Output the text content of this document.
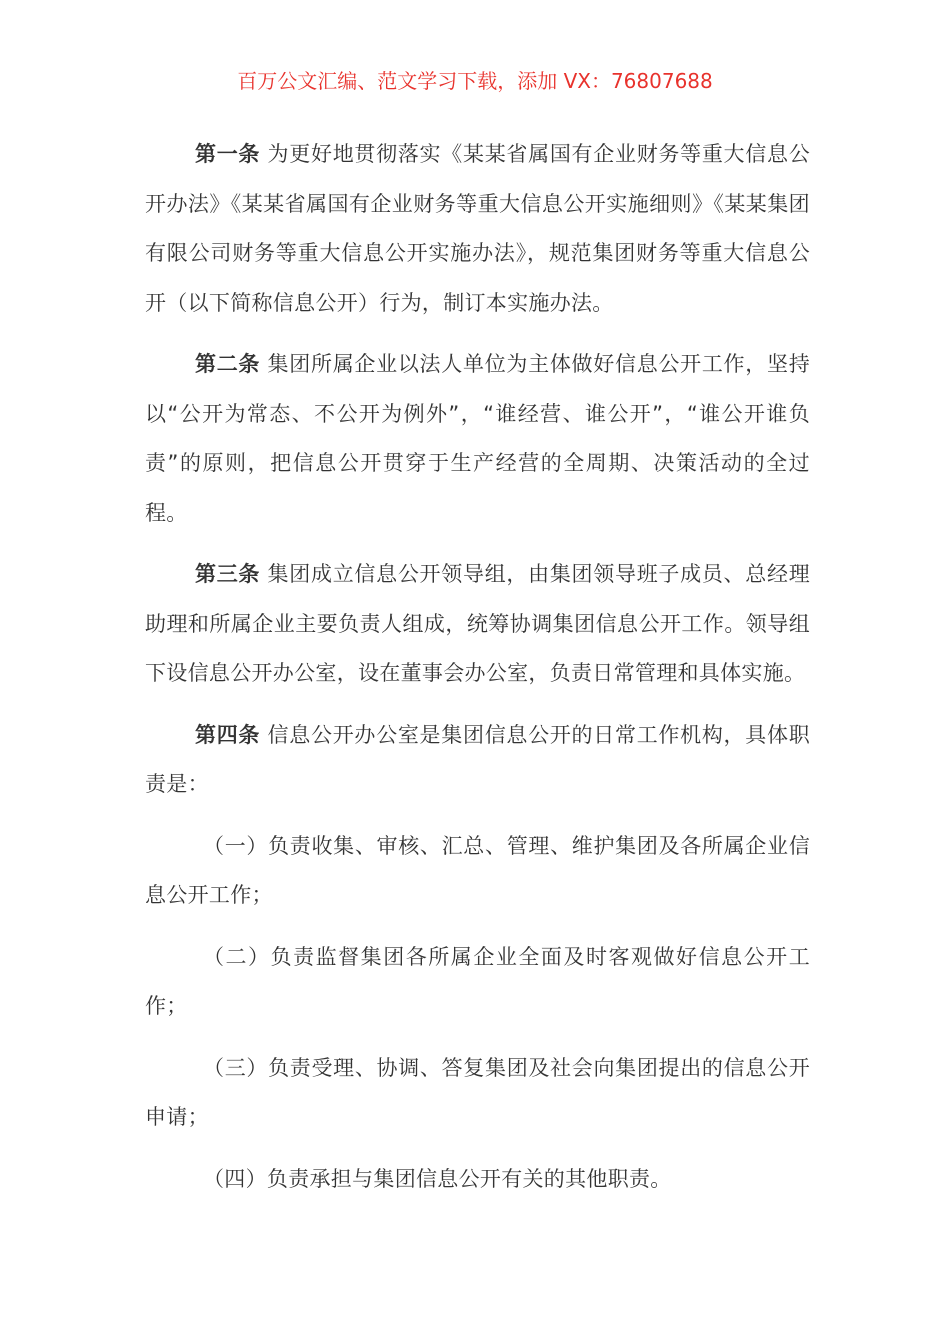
百万公文汇编、范文学习下载，添加 VX：76807688

第一条 为更好地贯彻落实《某某省属国有企业财务等重大信息公开办法》《某某省属国有企业财务等重大信息公开实施细则》《某某集团有限公司财务等重大信息公开实施办法》，规范集团财务等重大信息公开（以下简称信息公开）行为，制订本实施办法。

第二条 集团所属企业以法人单位为主体做好信息公开工作，坚持以“公开为常态、不公开为例外”，“谁经营、谁公开”，“谁公开谁负责”的原则，把信息公开贯穿于生产经营的全周期、决策活动的全过程。

第三条 集团成立信息公开领导组，由集团领导班子成员、总经理助理和所属企业主要负责人组成，统筹协调集团信息公开工作。领导组下设信息公开办公室，设在董事会办公室，负责日常管理和具体实施。

第四条 信息公开办公室是集团信息公开的日常工作机构，具体职责是：

（一）负责收集、审核、汇总、管理、维护集团及各所属企业信息公开工作；

（二）负责监督集团各所属企业全面及时客观做好信息公开工作；

（三）负责受理、协调、答复集团及社会向集团提出的信息公开申请；

（四）负责承担与集团信息公开有关的其他职责。
